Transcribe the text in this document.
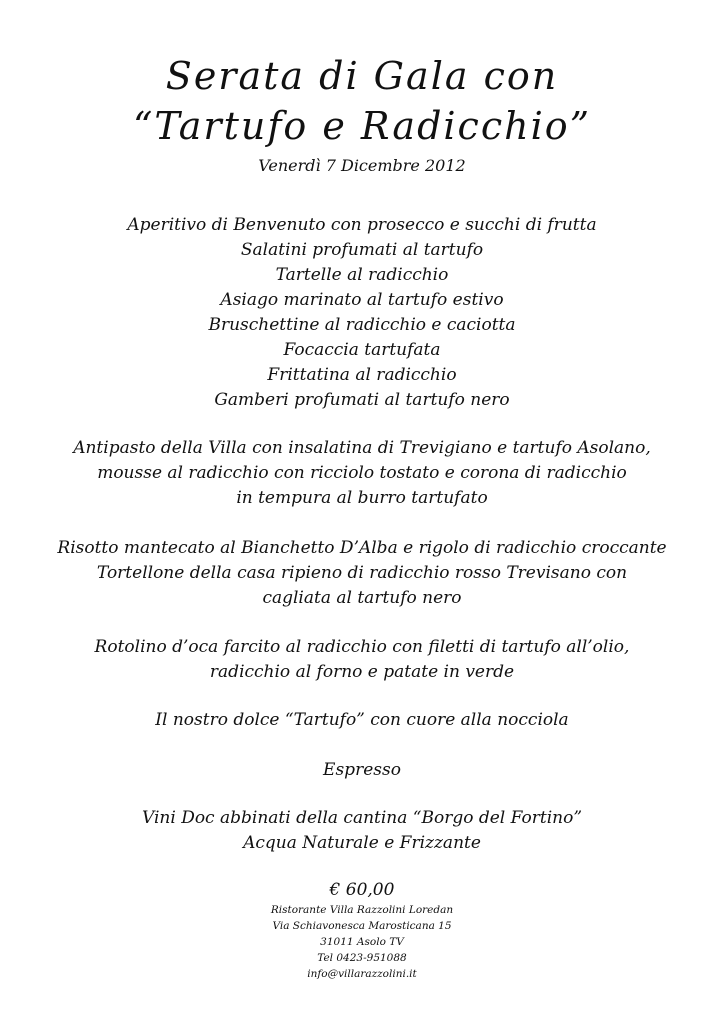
Serata di Gala con
“Tartufo e Radicchio”
Venerdì 7 Dicembre 2012
Aperitivo di Benvenuto con prosecco e succhi di frutta
Salatini profumati al tartufo
Tartelle al radicchio
Asiago marinato al tartufo estivo
Bruschettine al radicchio e caciotta
Focaccia tartufata
Frittatina al radicchio
Gamberi profumati al tartufo nero
Antipasto della Villa con insalatina di Trevigiano e tartufo Asolano,
mousse al radicchio con ricciolo tostato e corona di radicchio
in tempura al burro tartufato
Risotto mantecato al Bianchetto D’Alba e rigolo di radicchio croccante
Tortellone della casa ripieno di radicchio rosso Trevisano con
cagliata al tartufo nero
Rotolino d’oca farcito al radicchio con filetti di tartufo all’olio,
radicchio al forno e patate in verde
Il nostro dolce “Tartufo” con cuore alla nocciola
Espresso
Vini Doc abbinati della cantina “Borgo del Fortino”
Acqua Naturale e Frizzante
€ 60,00
Ristorante Villa Razzolini Loredan
Via Schiavonesca Marosticana 15
31011 Asolo TV
Tel 0423-951088
info@villarazzolini.it
